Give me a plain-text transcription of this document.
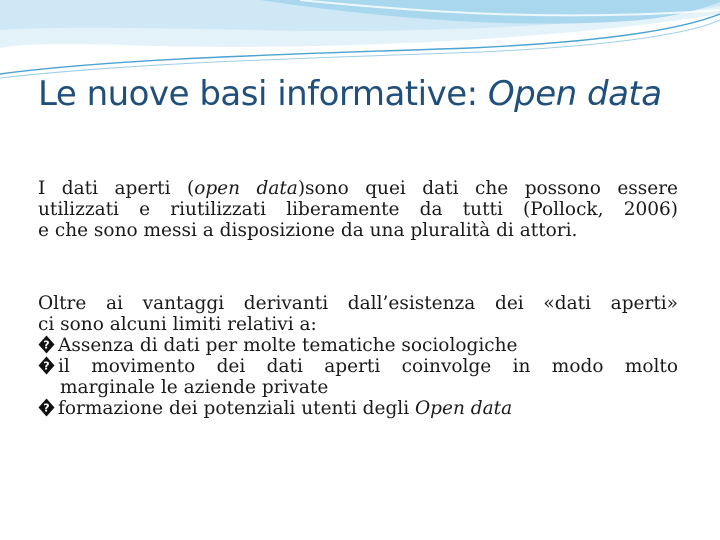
Le nuove basi informative: Open data
I dati aperti (open data)sono quei dati che possono essere
utilizzati e riutilizzati liberamente da tutti (Pollock, 2006)
e che sono messi a disposizione da una pluralità di attori.
Oltre ai vantaggi derivanti dall’esistenza dei «dati aperti»
ci sono alcuni limiti relativi a:
? Assenza di dati per molte tematiche sociologiche
? il movimento dei dati aperti coinvolge in modo molto
marginale le aziende private
? formazione dei potenziali utenti degli Open data
